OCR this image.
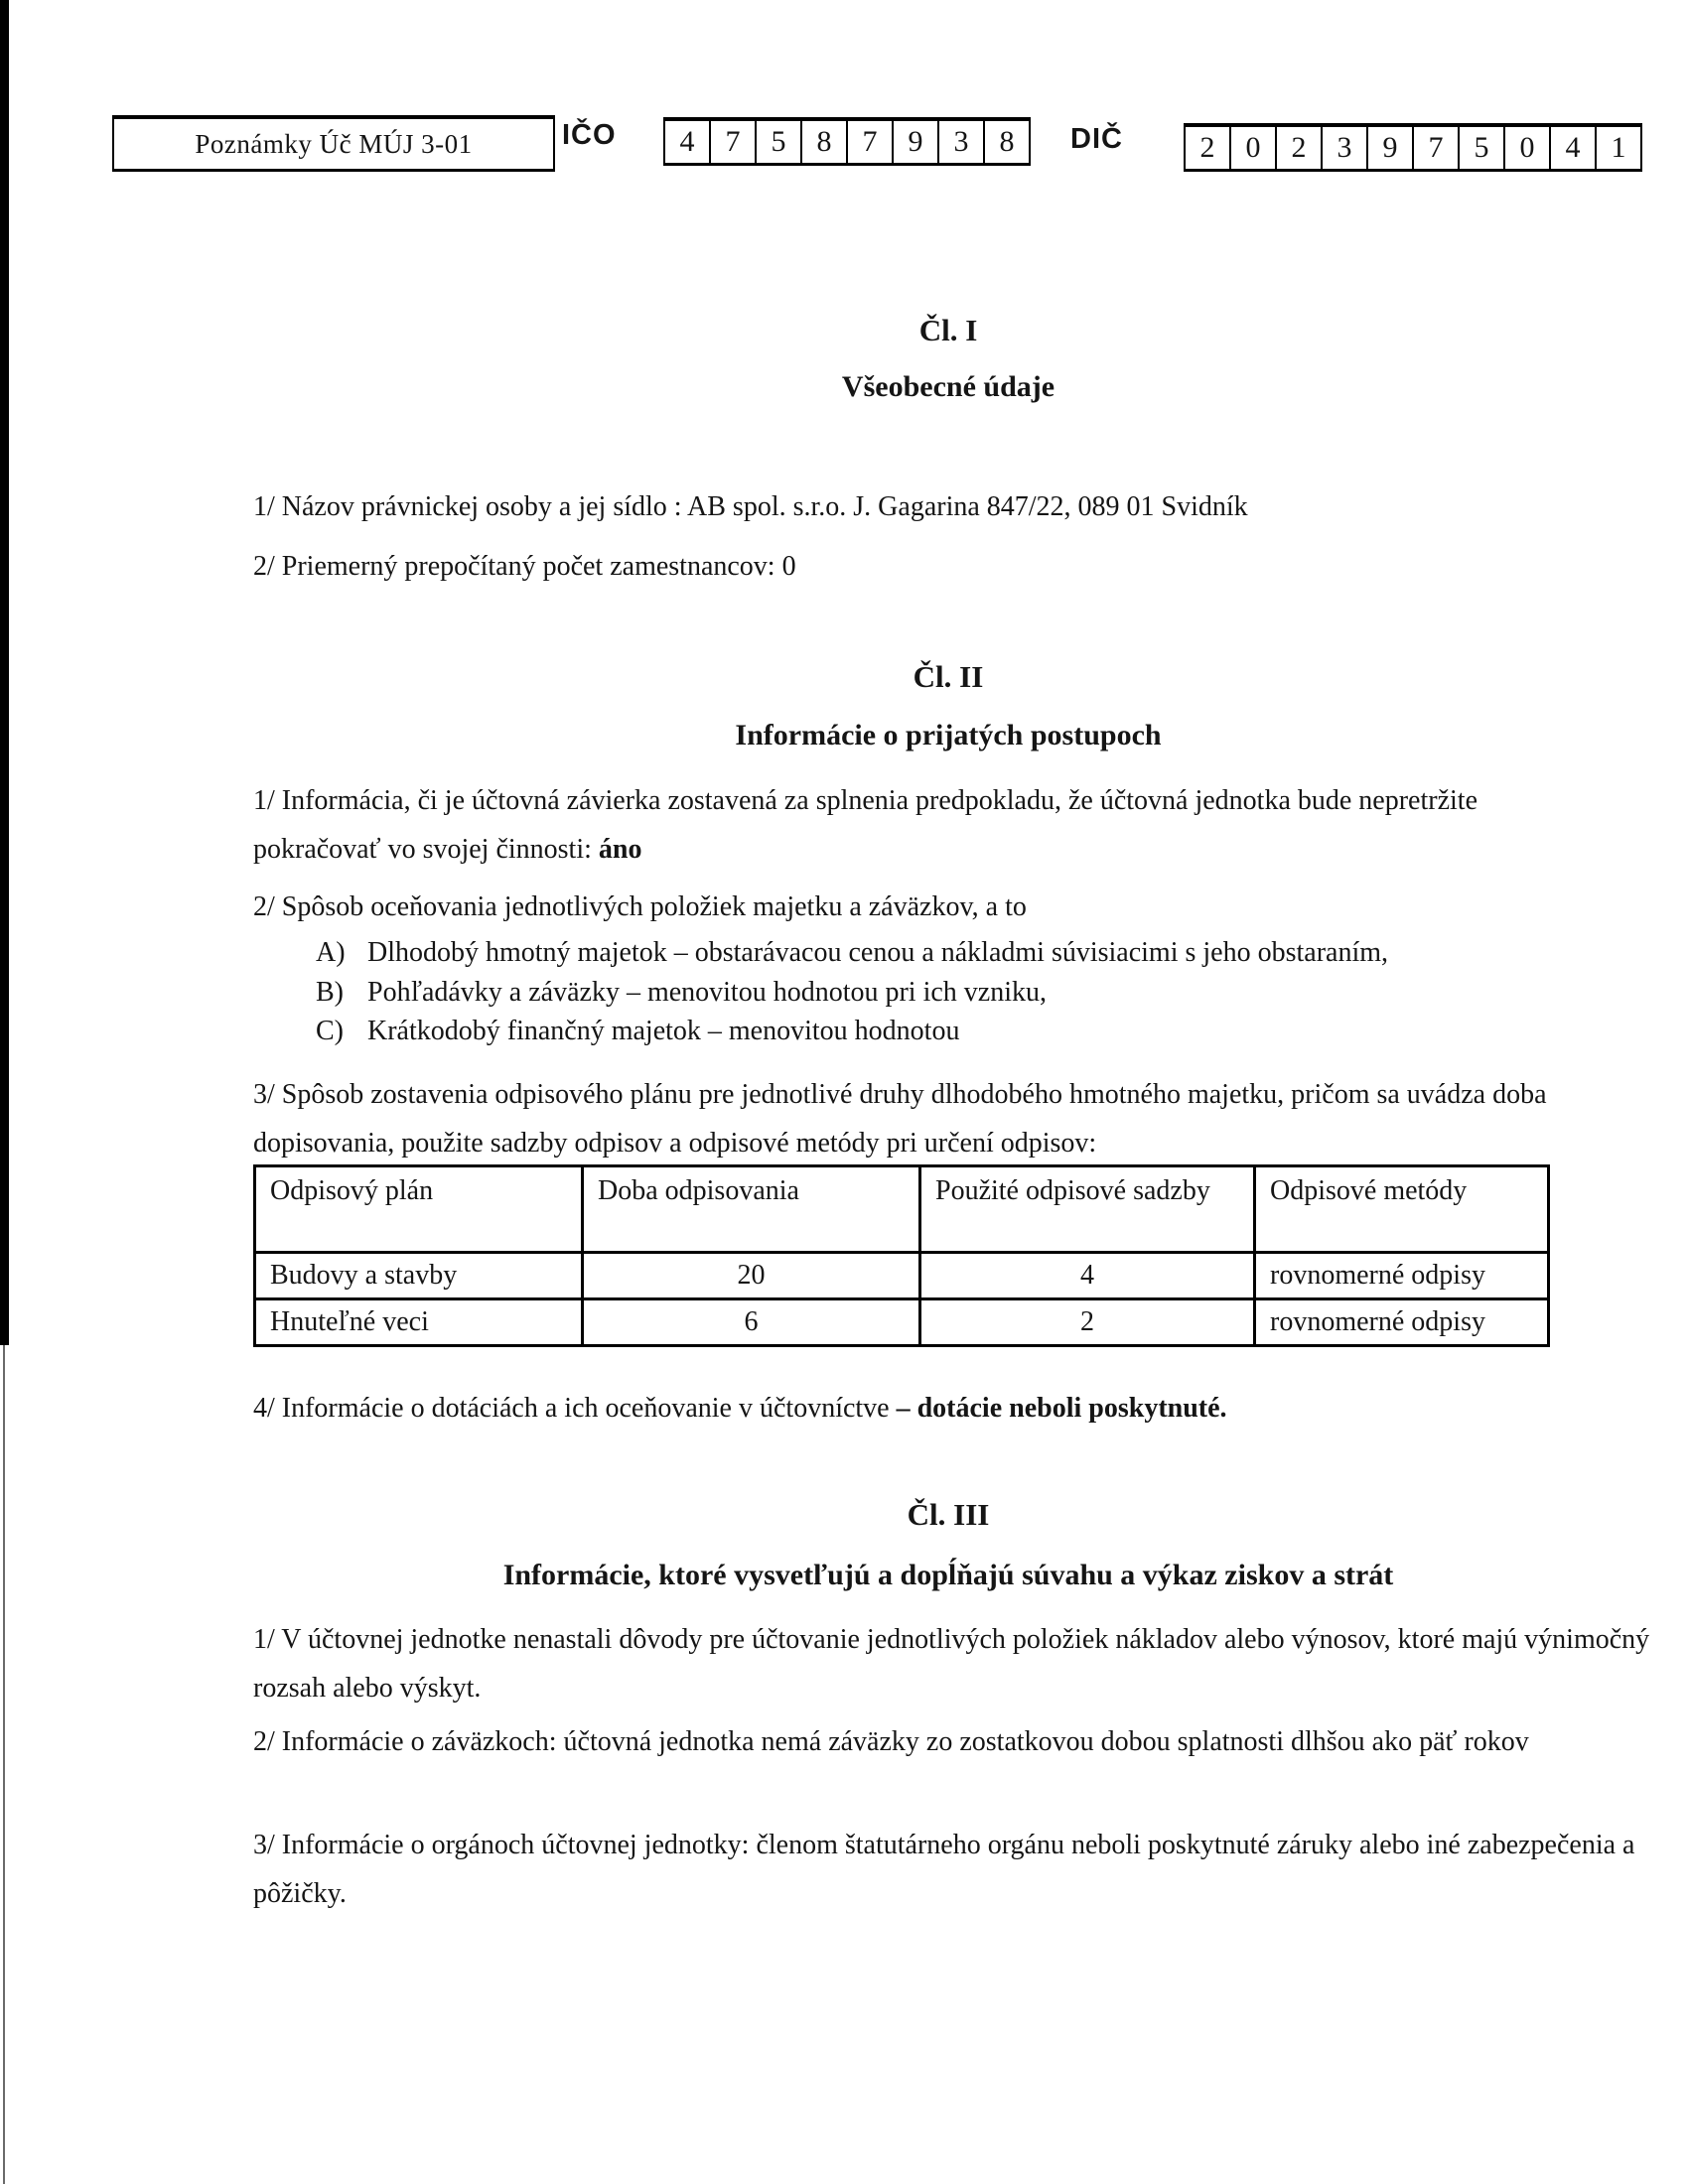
Poznámky Úč MÚJ 3-01	IČO	4	7	5	8	7	9	3	8	DIČ	2	0	2	3	9	7	5	0	4	1
Čl. I
Všeobecné údaje
1/ Názov právnickej osoby a jej sídlo : AB spol. s.r.o. J. Gagarina 847/22, 089 01 Svidník
2/ Priemerný prepočítaný počet zamestnancov: 0
Čl. II
Informácie o prijatých postupoch
1/ Informácia, či je účtovná závierka zostavená za splnenia predpokladu, že účtovná jednotka bude nepretržite pokračovať vo svojej činnosti: áno
2/ Spôsob oceňovania jednotlivých položiek majetku a záväzkov, a to
A) Dlhodobý hmotný majetok – obstarávacou cenou a nákladmi súvisiacimi s jeho obstaraním,
B) Pohľadávky a záväzky – menovitou hodnotou pri ich vzniku,
C) Krátkodobý finančný majetok – menovitou hodnotou
3/ Spôsob zostavenia odpisového plánu pre jednotlivé druhy dlhodobého hmotného majetku, pričom sa uvádza doba dopisovania, použite sadzby odpisov a odpisové metódy pri určení odpisov:
Odpisový plán	Doba odpisovania	Použité odpisové sadzby	Odpisové metódy
Budovy a stavby	20	4	rovnomerné odpisy
Hnuteľné veci	6	2	rovnomerné odpisy
4/ Informácie o dotáciách a ich oceňovanie v účtovníctve – dotácie neboli poskytnuté.
Čl. III
Informácie, ktoré vysvetľujú a dopĺňajú súvahu a výkaz ziskov a strát
1/ V účtovnej jednotke nenastali dôvody pre účtovanie jednotlivých položiek nákladov alebo výnosov, ktoré majú výnimočný rozsah alebo výskyt.
2/ Informácie o záväzkoch: účtovná jednotka nemá záväzky zo zostatkovou dobou splatnosti dlhšou ako päť rokov
3/ Informácie o orgánoch účtovnej jednotky: členom štatutárneho orgánu neboli poskytnuté záruky alebo iné zabezpečenia a pôžičky.
